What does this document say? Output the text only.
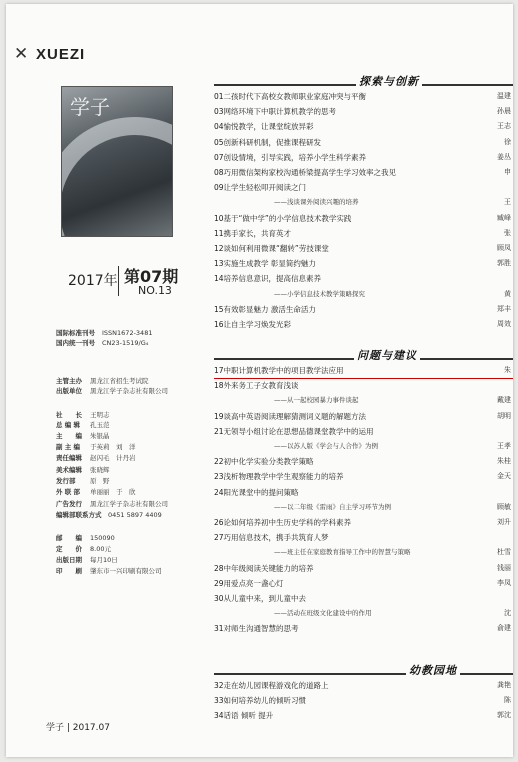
✕ XUEZI
学子
2017年 第07期
NO.13
国际标准刊号 ISSN1672-3481
国内统一刊号 CN23-1519/G₄
主管主办 黑龙江省招生考试院
出版单位 黑龙江学子杂志社有限公司
社　　长 王明志
总 编 辑 孔玉范
主　　编 朱银晶
副 主 编 于英莉　刘　洋
责任编辑 赵闪毛　计丹岩
美术编辑 张晓辉
发行部 原　野
外 联 部 单丽丽　于　欣
广告发行 黑龙江学子杂志社有限公司
编辑部联系方式 0451 5897 4409
邮　　编 150090
定　　价 8.00元
出版日期 每月10日
印　　刷 肇东市一兴印刷有限公司
探索与创新
01二孩时代下高校女教师职业家庭冲突与平衡	温建
03网络环境下中职计算机教学的思考	孙晨
04愉悦教学，让课堂绽放异彩	王志
05创新科研机制，促推课程研发	徐
07创设情境，引导实践，培养小学生科学素养	姜丛
08巧用微信架构家校沟通桥梁提高学生学习效率之我见	申
09让学生轻松叩开阅读之门
——浅谈课外阅读兴趣的培养	王
10基于“做中学”的小学信息技术教学实践	臧峰
11携手家长，共育英才	张
12谈如何利用微课“翻转”劳技课堂	顾凤
13实施生成教学 彰显简约魅力	郭胜
14培养信息意识，提高信息素养
——小学信息技术教学策略探究	黄
15有效彰显魅力 激活生命活力	郑丰
16让自主学习焕发光彩	周效
问题与建议
17中职计算机教学中的项目教学法应用	朱
18外来务工子女教育浅谈
——从一起校园暴力事件谈起	戴建
19谈高中英语阅读理解猜测词义题的解题方法	胡明
21无领导小组讨论在思想品德课堂教学中的运用
——以苏人版《学会与人合作》为例	王孝
22初中化学实验分类教学策略	朱桂
23浅析物理教学中学生观察能力的培养	金天
24阳光课堂中的提问策略
——以二年级《雷雨》自主学习环节为例	顾敏
26论如何培养初中生历史学科的学科素养	刘升
27巧用信息技术，携手共筑育人梦
——班主任在家庭教育指导工作中的智慧与策略	杜雪
28中年级阅读关键能力的培养	钱丽
29用爱点亮一盏心灯	李凤
30从儿童中来，到儿童中去
——活动在班级文化建设中的作用	沈
31对师生沟通智慧的思考	俞建
幼教园地
32走在幼儿园课程游戏化的道路上	龚艳
33如何培养幼儿的倾听习惯	陈
34话语 倾听 提升	郭沈
学子 | 2017.07
